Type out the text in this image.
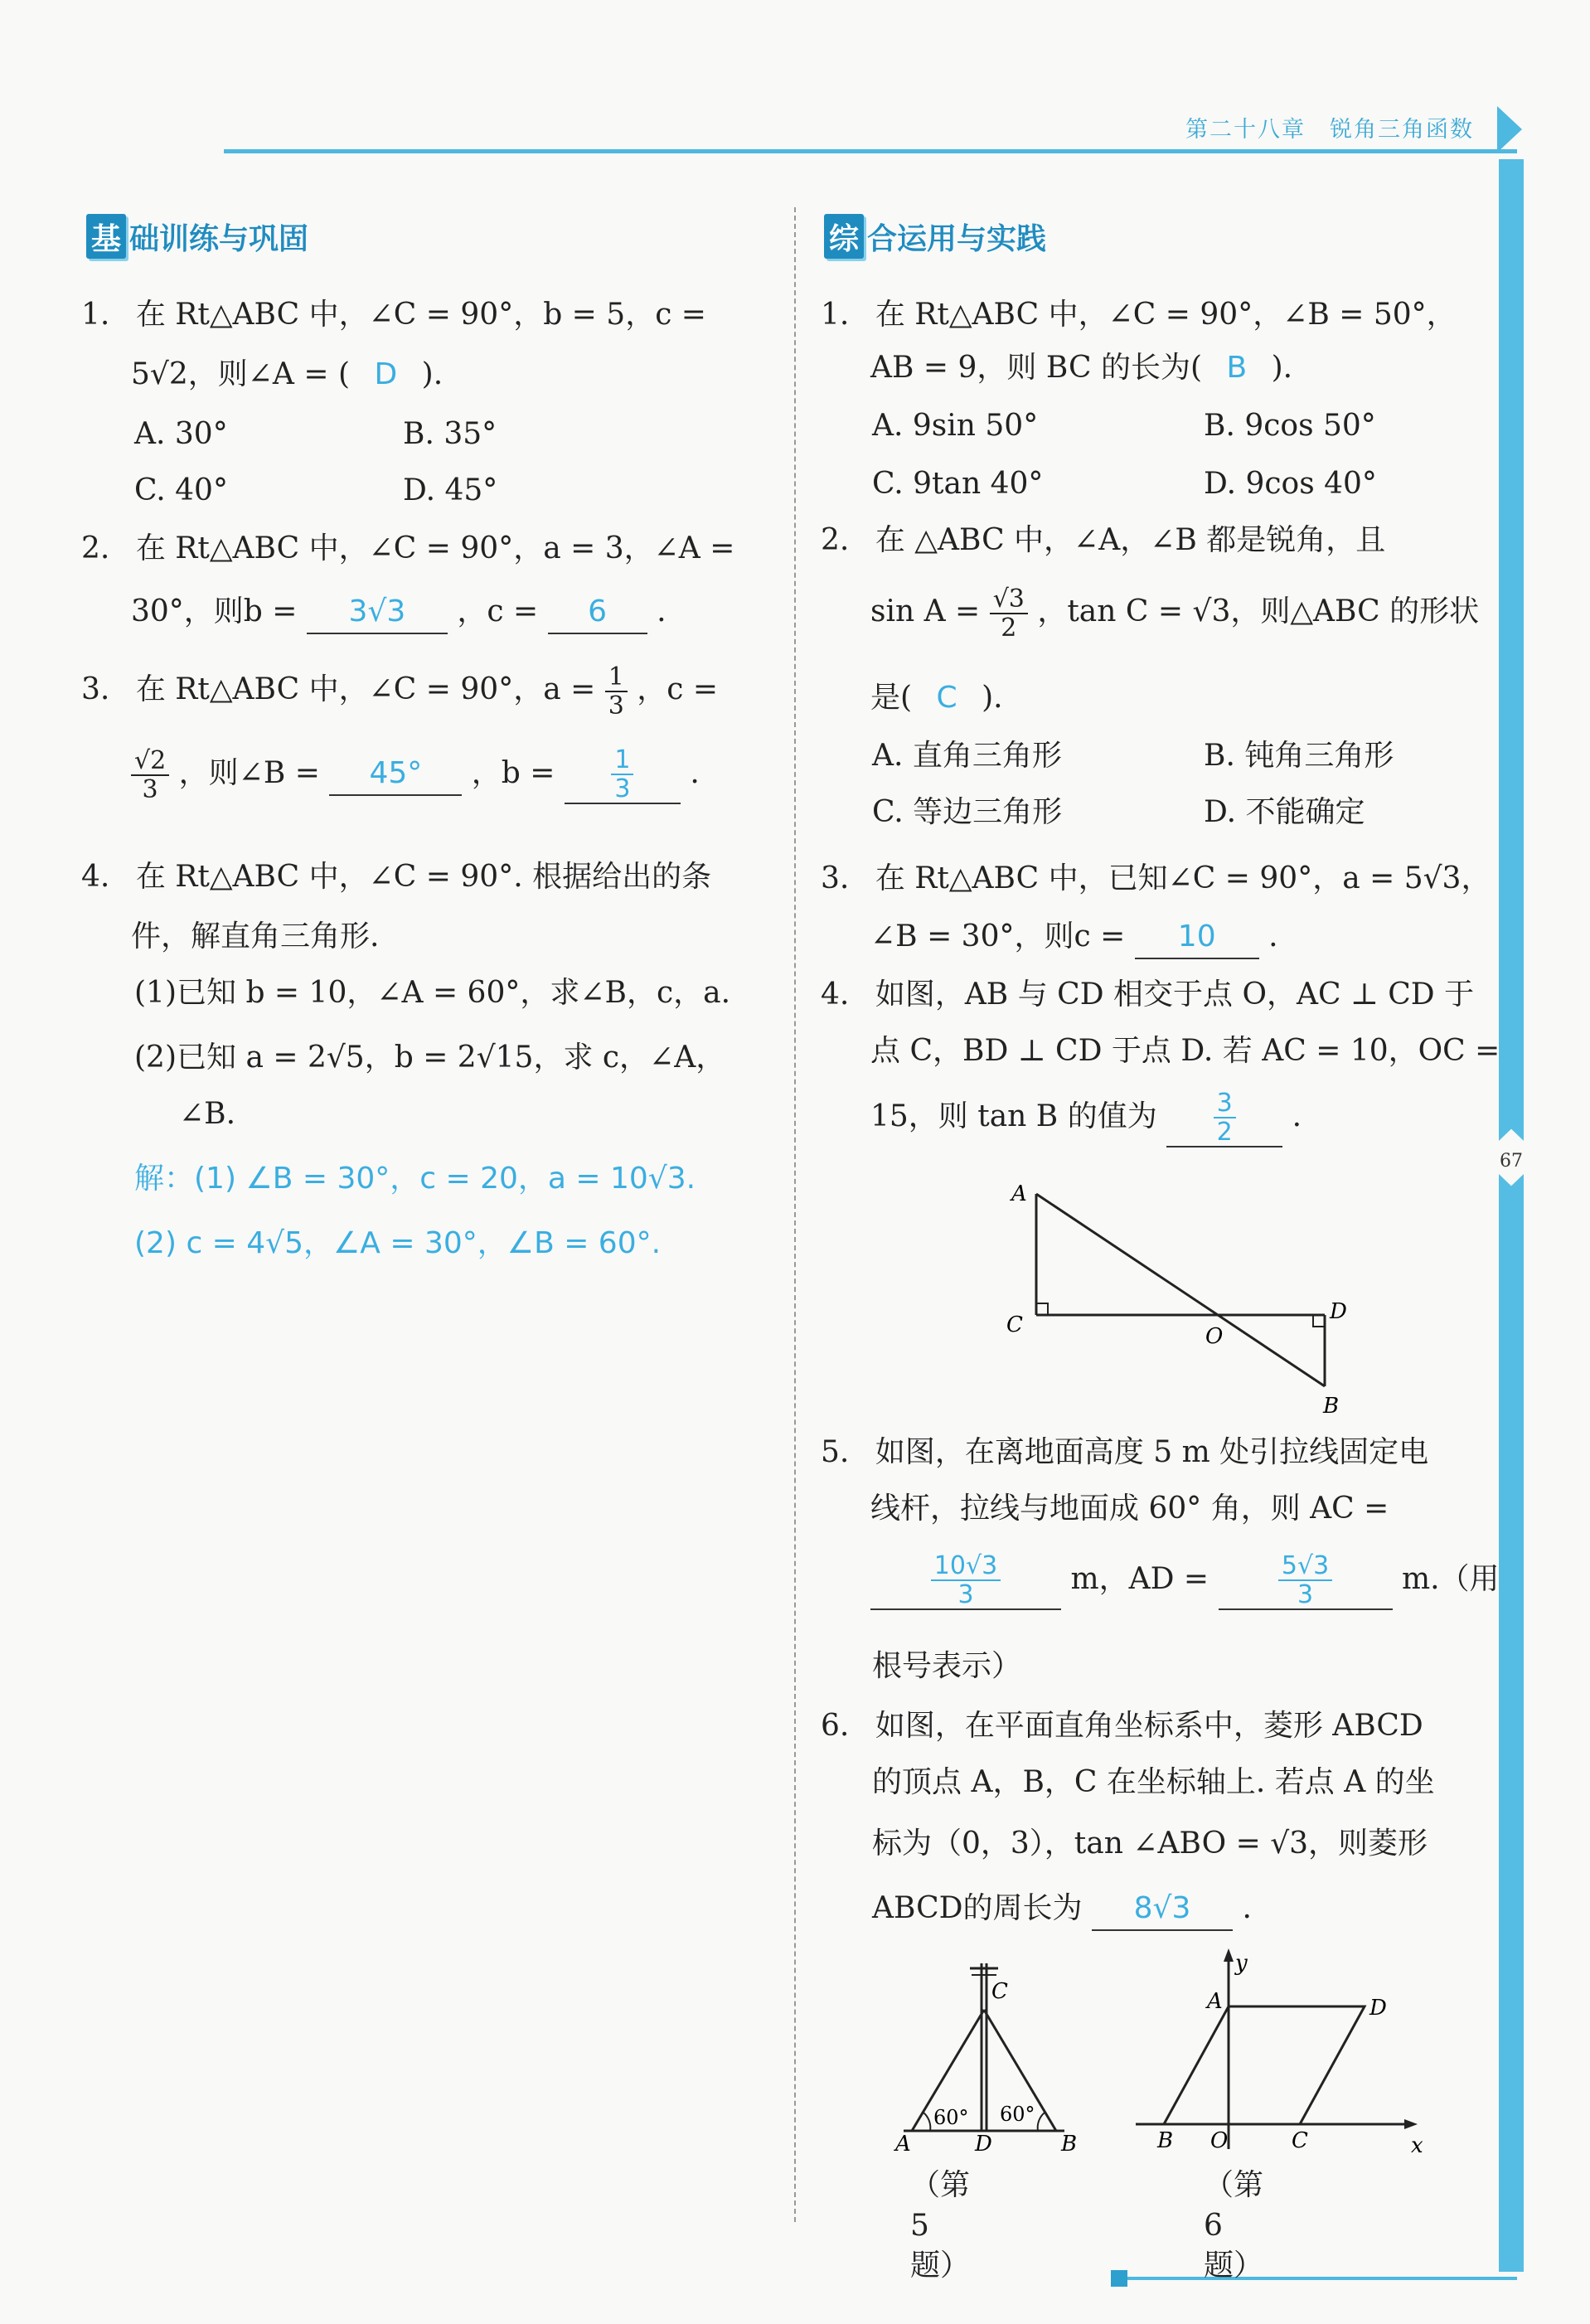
第二十八章　锐角三角函数
67
基 础训练与巩固
1. 在 Rt△ABC 中，∠C = 90°，b = 5，c =
5√2，则∠A = ( D ).
A. 30°	B. 35°
C. 40°	D. 45°
2. 在 Rt△ABC 中，∠C = 90°，a = 3，∠A =
30°，则b = 3√3 ，c = 6 .
3. 在 Rt△ABC 中，∠C = 90°，$a = \frac{1}{3}$ ，c =
$\frac{√2}{3}$ ，则∠B = 45° ，$b = \frac{1}{3}$ .
4. 在 Rt△ABC 中，∠C = 90°. 根据给出的条
件，解直角三角形.
(1)已知 b = 10，∠A = 60°，求∠B，c，a.
(2)已知 a = 2√5，b = 2√15，求 c，∠A，
∠B.
解：(1) ∠B = 30°，c = 20，a = 10√3.
(2) c = 4√5，∠A = 30°，∠B = 60°.
综 合运用与实践
1. 在 Rt△ABC 中，∠C = 90°，∠B = 50°，
AB = 9，则 BC 的长为( B ).
A. 9sin 50°	B. 9cos 50°
C. 9tan 40°	D. 9cos 40°
2. 在 △ABC 中，∠A，∠B 都是锐角，且
$\sin A = \frac{√3}{2}$ ，tan C = √3，则△ABC 的形状
是( C ).
A. 直角三角形	B. 钝角三角形
C. 等边三角形	D. 不能确定
3. 在 Rt△ABC 中，已知∠C = 90°，a = 5√3，
∠B = 30°，则c = 10 .
4. 如图，AB 与 CD 相交于点 O，AC ⊥ CD 于
点 C，BD ⊥ CD 于点 D. 若 AC = 10，OC =
15，则 tan B 的值为 $\frac{3}{2}$ .
A
C
D
O
B
5. 如图，在离地面高度 5 m 处引拉线固定电
线杆，拉线与地面成 60° 角，则 AC =
$\frac{10√3}{3}$ m，AD =	$\frac{5√3}{3} m$.（用
根号表示）
6. 如图，在平面直角坐标系中，菱形 ABCD
的顶点 A，B，C 在坐标轴上. 若点 A 的坐
标为（0，3），tan ∠ABO = √3，则菱形
ABCD的周长为 8√3 .
C
A	D	B
60° 60°
（第 5 题）
y
x
A	D
B O	C
（第 6 题）
